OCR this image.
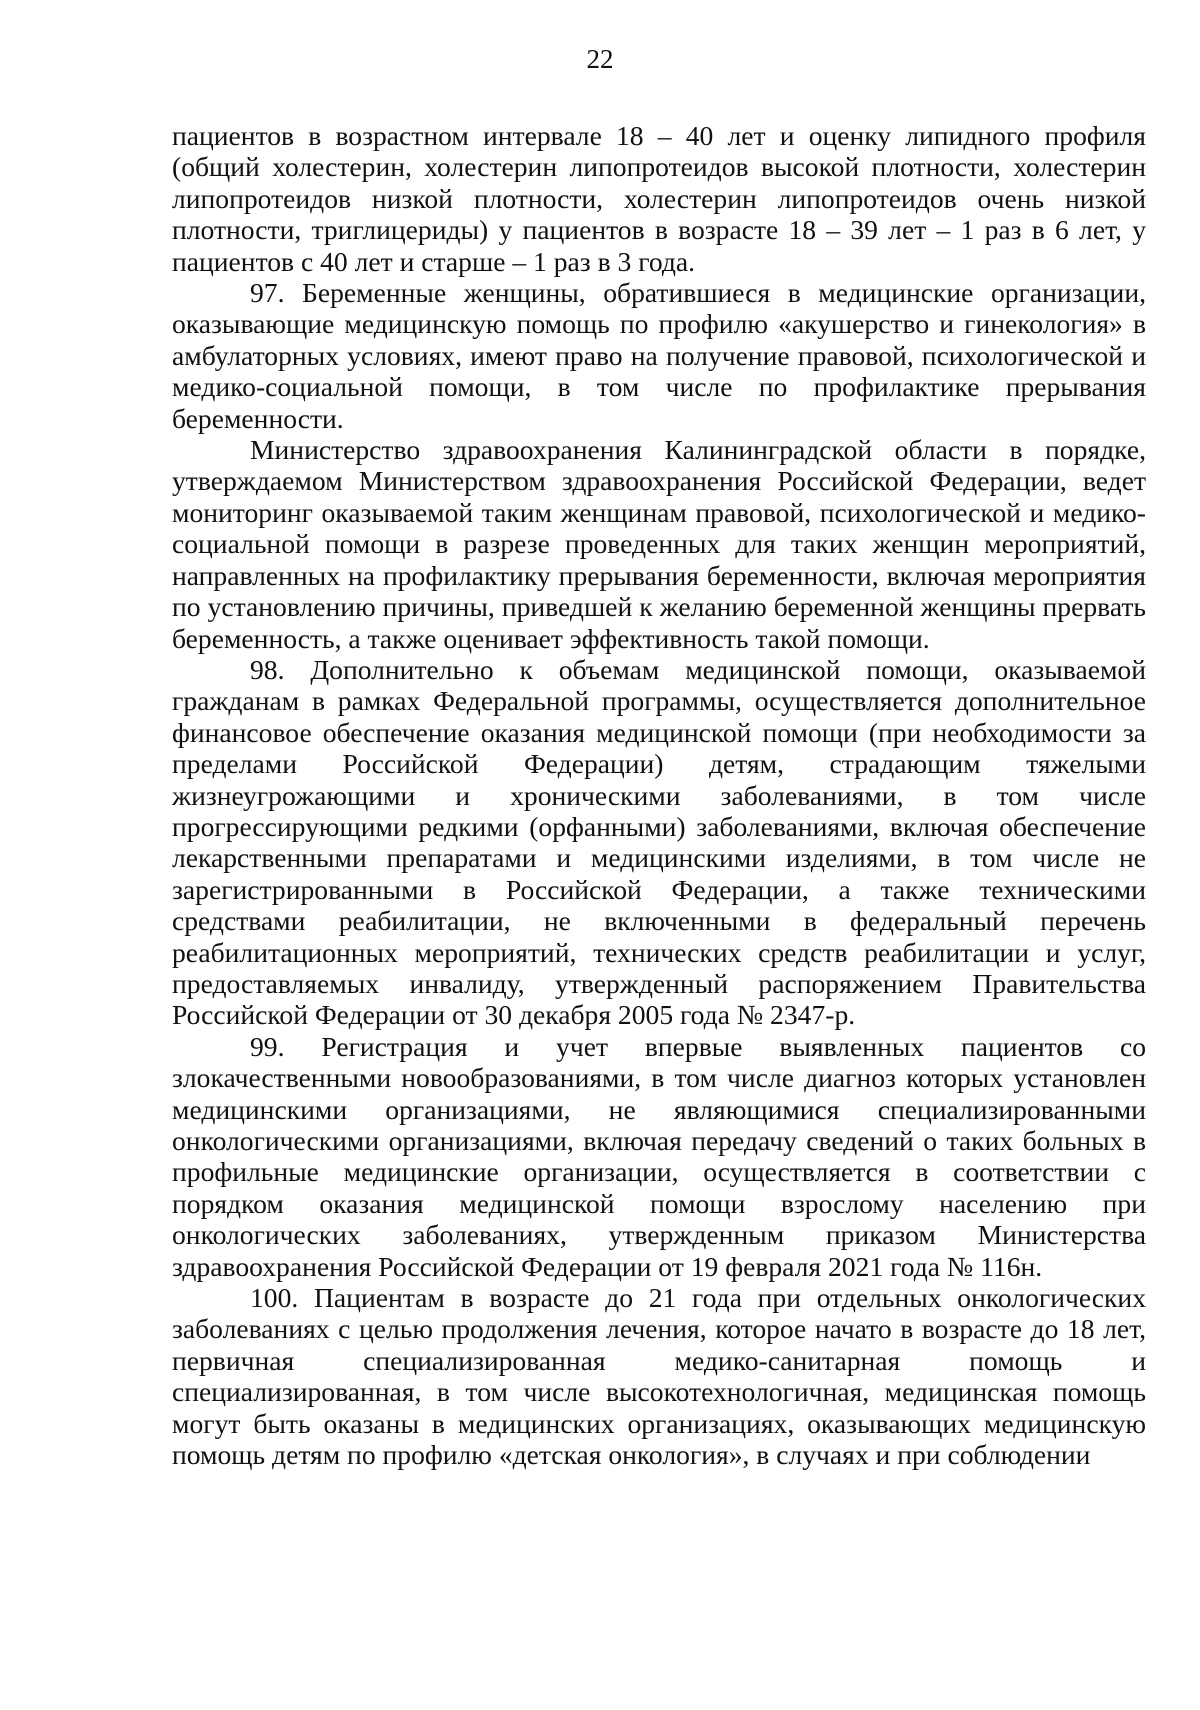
22

пациентов в возрастном интервале 18 – 40 лет и оценку липидного профиля (общий холестерин, холестерин липопротеидов высокой плотности, холестерин липопротеидов низкой плотности, холестерин липопротеидов очень низкой плотности, триглицериды) у пациентов в возрасте 18 – 39 лет – 1 раз в 6 лет, у пациентов с 40 лет и старше – 1 раз в 3 года.

97. Беременные женщины, обратившиеся в медицинские организации, оказывающие медицинскую помощь по профилю «акушерство и гинекология» в амбулаторных условиях, имеют право на получение правовой, психологической и медико-социальной помощи, в том числе по профилактике прерывания беременности.

Министерство здравоохранения Калининградской области в порядке, утверждаемом Министерством здравоохранения Российской Федерации, ведет мониторинг оказываемой таким женщинам правовой, психологической и медико-социальной помощи в разрезе проведенных для таких женщин мероприятий, направленных на профилактику прерывания беременности, включая мероприятия по установлению причины, приведшей к желанию беременной женщины прервать беременность, а также оценивает эффективность такой помощи.

98. Дополнительно к объемам медицинской помощи, оказываемой гражданам в рамках Федеральной программы, осуществляется дополнительное финансовое обеспечение оказания медицинской помощи (при необходимости за пределами Российской Федерации) детям, страдающим тяжелыми жизнеугрожающими и хроническими заболеваниями, в том числе прогрессирующими редкими (орфанными) заболеваниями, включая обеспечение лекарственными препаратами и медицинскими изделиями, в том числе не зарегистрированными в Российской Федерации, а также техническими средствами реабилитации, не включенными в федеральный перечень реабилитационных мероприятий, технических средств реабилитации и услуг, предоставляемых инвалиду, утвержденный распоряжением Правительства Российской Федерации от 30 декабря 2005 года № 2347-р.

99. Регистрация и учет впервые выявленных пациентов со злокачественными новообразованиями, в том числе диагноз которых установлен медицинскими организациями, не являющимися специализированными онкологическими организациями, включая передачу сведений о таких больных в профильные медицинские организации, осуществляется в соответствии с порядком оказания медицинской помощи взрослому населению при онкологических заболеваниях, утвержденным приказом Министерства здравоохранения Российской Федерации от 19 февраля 2021 года № 116н.

100. Пациентам в возрасте до 21 года при отдельных онкологических заболеваниях с целью продолжения лечения, которое начато в возрасте до 18 лет, первичная специализированная медико-санитарная помощь и специализированная, в том числе высокотехнологичная, медицинская помощь могут быть оказаны в медицинских организациях, оказывающих медицинскую помощь детям по профилю «детская онкология», в случаях и при соблюдении
